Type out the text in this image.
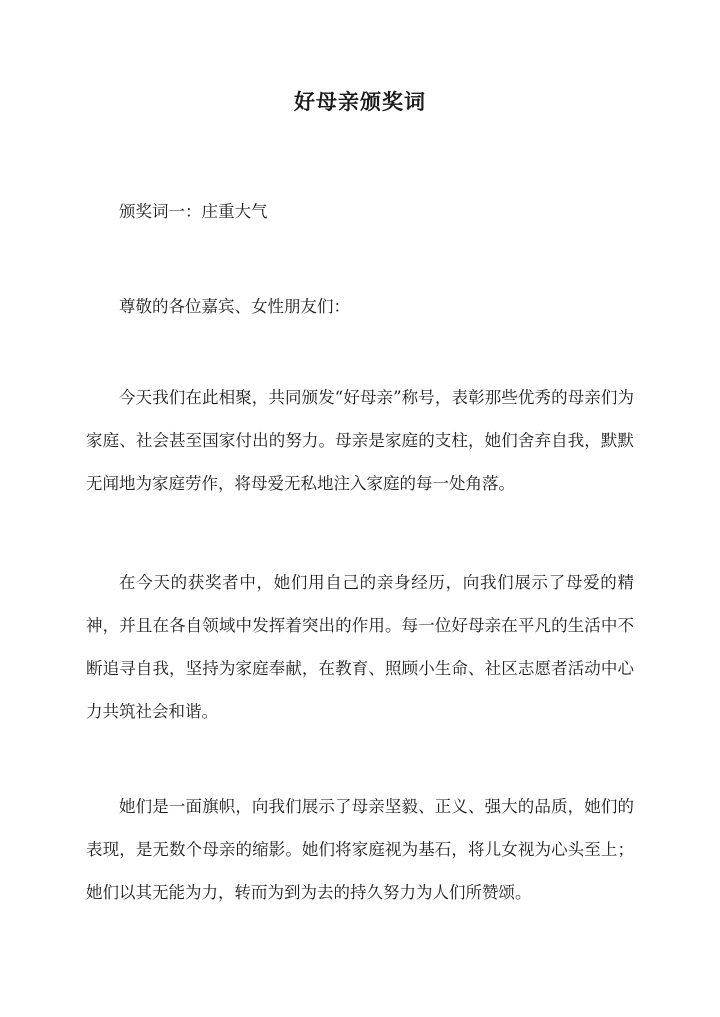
好母亲颁奖词

颁奖词一：庄重大气

尊敬的各位嘉宾、女性朋友们：

今天我们在此相聚，共同颁发“好母亲”称号，表彰那些优秀的母亲们为家庭、社会甚至国家付出的努力。母亲是家庭的支柱，她们舍弃自我，默默无闻地为家庭劳作，将母爱无私地注入家庭的每一处角落。

在今天的获奖者中，她们用自己的亲身经历，向我们展示了母爱的精神，并且在各自领域中发挥着突出的作用。每一位好母亲在平凡的生活中不断追寻自我，坚持为家庭奉献，在教育、照顾小生命、社区志愿者活动中心力共筑社会和谐。

她们是一面旗帜，向我们展示了母亲坚毅、正义、强大的品质，她们的表现，是无数个母亲的缩影。她们将家庭视为基石，将儿女视为心头至上；她们以其无能为力，转而为到为去的持久努力为人们所赞颂。
